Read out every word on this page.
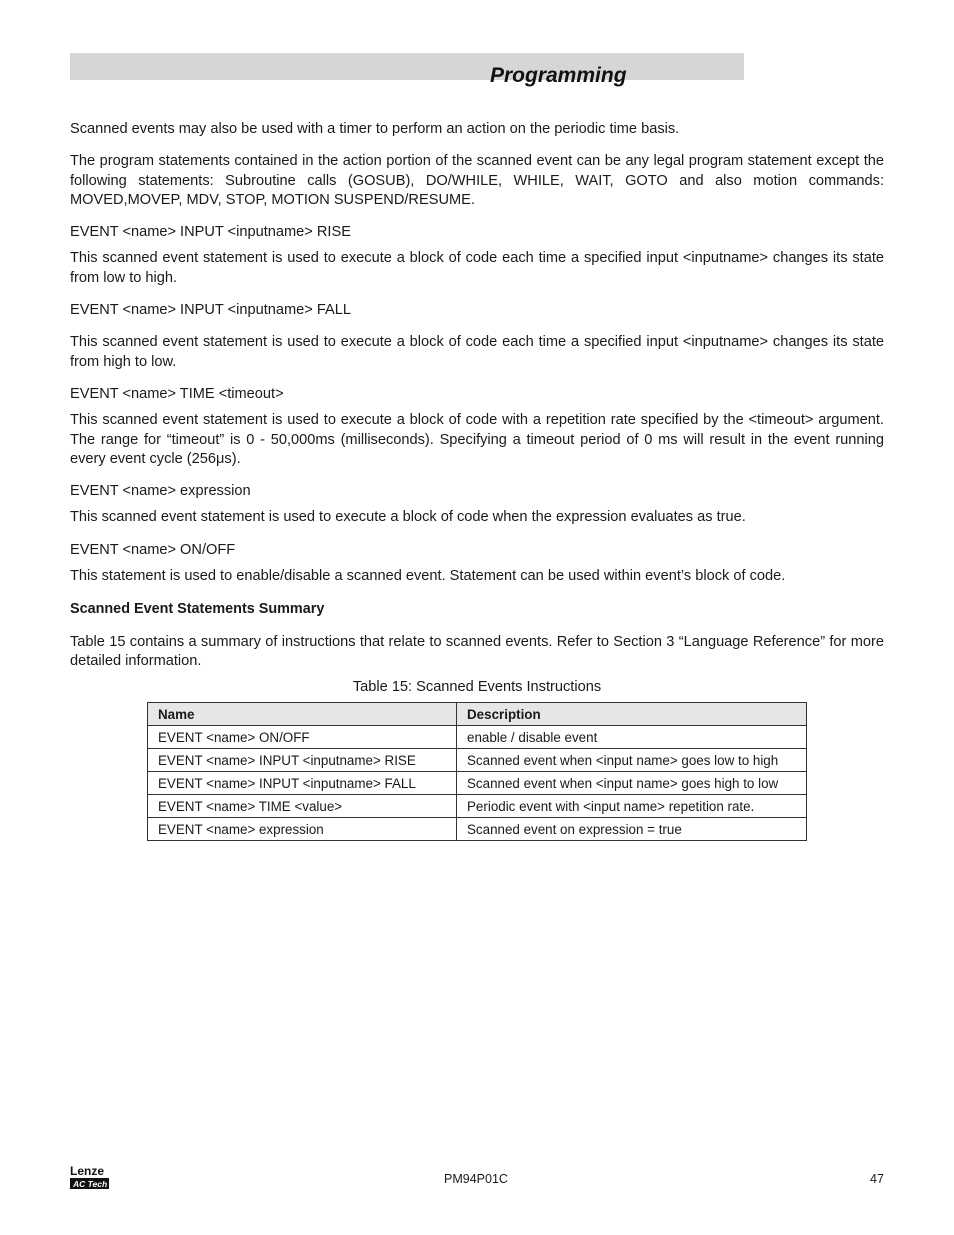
Programming

Scanned events may also be used with a timer to perform an action on the periodic time basis.

The program statements contained in the action portion of the scanned event can be any legal program statement except the following statements: Subroutine calls (GOSUB), DO/WHILE, WHILE, WAIT, GOTO and also motion commands: MOVED,MOVEP, MDV, STOP, MOTION SUSPEND/RESUME.

EVENT <name> INPUT <inputname> RISE

This scanned event statement is used to execute a block of code each time a specified input <inputname> changes its state from low to high.

EVENT <name> INPUT <inputname> FALL

This scanned event statement is used to execute a block of code each time a specified input <inputname> changes its state from high to low.

EVENT <name> TIME <timeout>

This scanned event statement is used to execute a block of code with a repetition rate specified by the <timeout> argument. The range for “timeout” is 0 - 50,000ms (milliseconds). Specifying a timeout period of 0 ms will result in the event running every event cycle (256μs).

EVENT <name> expression

This scanned event statement is used to execute a block of code when the expression evaluates as true.

EVENT <name> ON/OFF

This statement is used to enable/disable a scanned event. Statement can be used within event’s block of code.

Scanned Event Statements Summary

Table 15 contains a summary of instructions that relate to scanned events. Refer to Section 3 “Language Reference” for more detailed information.

Table 15: Scanned Events Instructions

Name	Description
EVENT <name> ON/OFF	enable / disable event
EVENT <name> INPUT <inputname> RISE	Scanned event when <input name> goes low to high
EVENT <name> INPUT <inputname> FALL	Scanned event when <input name> goes high to low
EVENT <name> TIME <value>	Periodic event with <input name> repetition rate.
EVENT <name> expression	Scanned event on expression = true
Lenze
AC Tech	PM94P01C	47
